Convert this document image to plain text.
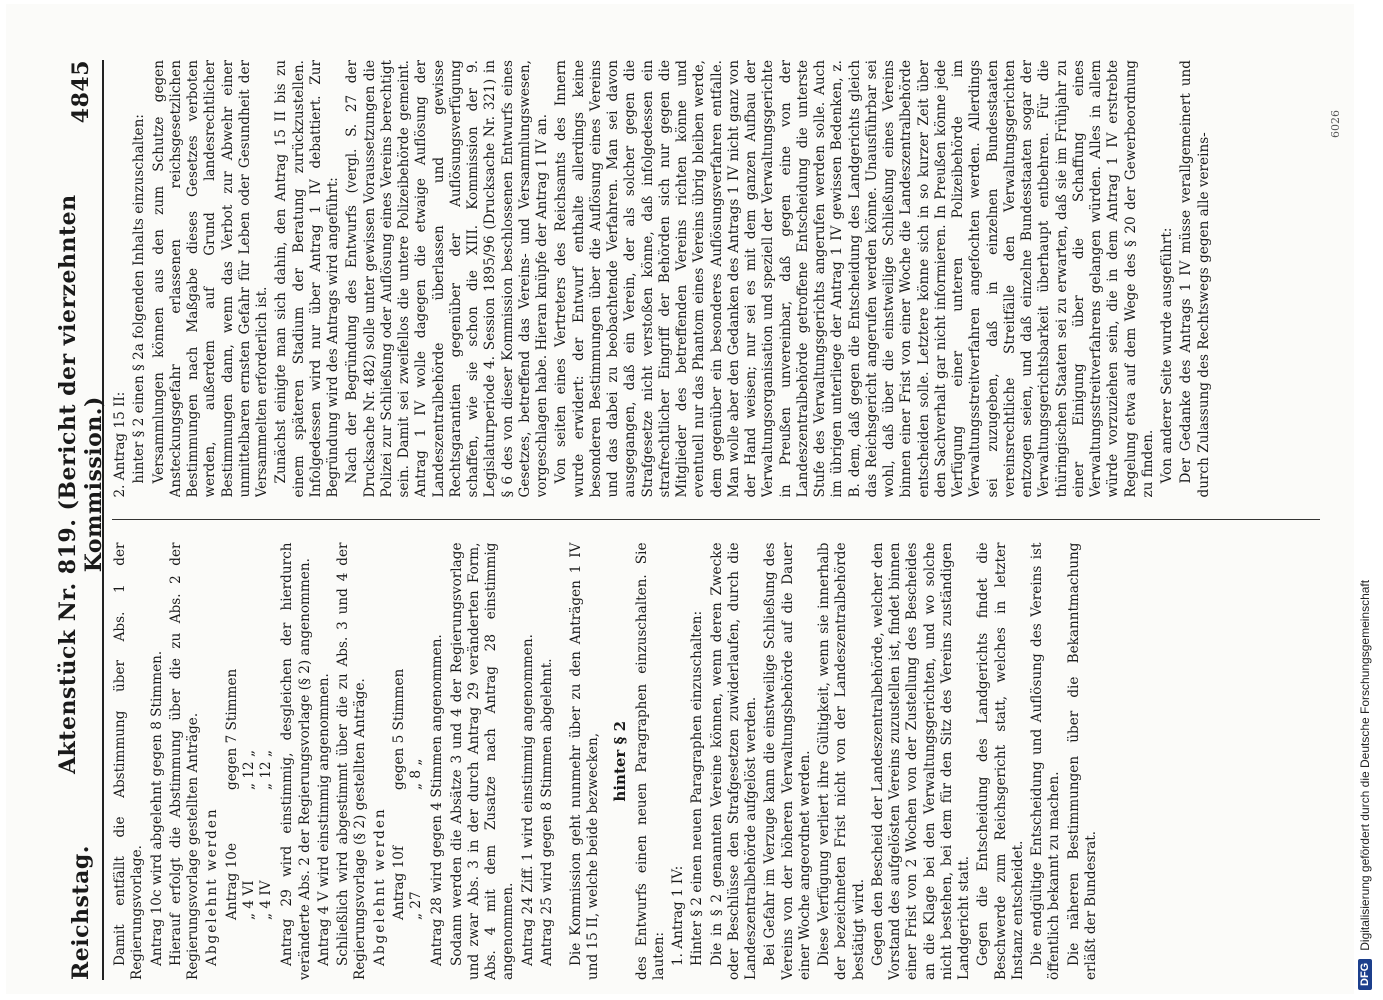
Reichstag.
Aktenstück Nr. 819. (Bericht der vierzehnten Kommission.)
4845

Damit entfällt die Abstimmung über Abs. 1 der Regierungsvorlage. Antrag 10c wird abgelehnt gegen 8 Stimmen. Hierauf erfolgt die Abstimmung über die zu Abs. 2 der Regierungsvorlage gestellten Anträge. Abgelehnt werden Antrag 10e
gegen 7 Stimmen
„ 4 VI
„ 12 „
„ 4 IV
„ 12 „ Antrag 29 wird einstimmig, desgleichen der hierdurch veränderte Abs. 2 der Regierungsvorlage (§ 2) angenommen. Antrag 4 V wird einstimmig angenommen. Schließlich wird abgestimmt über die zu Abs. 3 und 4 der Regierungsvorlage (§ 2) gestellten Anträge. Abgelehnt werden Antrag 10f
gegen 5 Stimmen
„ 27
„ 8 „ Antrag 28 wird gegen 4 Stimmen angenommen. Sodann werden die Absätze 3 und 4 der Regierungsvorlage und zwar Abs. 3 in der durch Antrag 29 veränderten Form, Abs. 4 mit dem Zusatze nach Antrag 28 einstimmig angenommen. Antrag 24 Ziff. 1 wird einstimmig angenommen. Antrag 25 wird gegen 8 Stimmen abgelehnt. Die Kommission geht nunmehr über zu den Anträgen 1 IV und 15 II, welche beide bezwecken, hinter § 2 des Entwurfs einen neuen Paragraphen einzuschalten. Sie lauten: 1. Antrag 1 IV: Hinter § 2 einen neuen Paragraphen einzuschalten: Die in § 2 genannten Vereine können, wenn deren Zwecke oder Beschlüsse den Strafgesetzen zuwiderlaufen, durch die Landeszentralbehörde aufgelöst werden. Bei Gefahr im Verzuge kann die einstweilige Schließung des Vereins von der höheren Verwaltungsbehörde auf die Dauer einer Woche angeordnet werden. Diese Verfügung verliert ihre Gültigkeit, wenn sie innerhalb der bezeichneten Frist nicht von der Landeszentralbehörde bestätigt wird. Gegen den Bescheid der Landeszentralbehörde, welcher den Vorstand des aufgelösten Vereins zuzustellen ist, findet binnen einer Frist von 2 Wochen von der Zustellung des Bescheides an die Klage bei den Verwaltungsgerichten, und wo solche nicht bestehen, bei dem für den Sitz des Vereins zuständigen Landgericht statt. Gegen die Entscheidung des Landgerichts findet die Beschwerde zum Reichsgericht statt, welches in letzter Instanz entscheidet. Die endgültige Entscheidung und Auflösung des Vereins ist öffentlich bekannt zu machen. Die näheren Bestimmungen über die Bekanntmachung erläßt der Bundesrat.

2. Antrag 15 II: hinter § 2 einen § 2a folgenden Inhalts einzuschalten: Versammlungen können aus den zum Schutze gegen Ansteckungsgefahr erlassenen reichsgesetzlichen Bestimmungen nach Maßgabe dieses Gesetzes verboten werden, außerdem auf Grund landesrechtlicher Bestimmungen dann, wenn das Verbot zur Abwehr einer unmittelbaren ernsten Gefahr für Leben oder Gesundheit der Versammelten erforderlich ist. Zunächst einigte man sich dahin, den Antrag 15 II bis zu einem späteren Stadium der Beratung zurückzustellen. Infolgedessen wird nur über Antrag 1 IV debattiert. Zur Begründung wird des Antrags wird angeführt: Nach der Begründung des Entwurfs (vergl. S. 27 der Drucksache Nr. 482) solle unter gewissen Voraussetzungen die Polizei zur Schließung oder Auflösung eines Vereins berechtigt sein. Damit sei zweifellos die untere Polizeibehörde gemeint. Antrag 1 IV wolle dagegen die etwaige Auflösung der Landeszentralbehörde überlassen und gewisse Rechtsgarantien gegenüber der Auflösungsverfügung schaffen, wie sie schon die XIII. Kommission der 9. Legislaturperiode 4. Session 1895/96 (Drucksache Nr. 321) in § 6 des von dieser Kommission beschlossenen Entwurfs eines Gesetzes, betreffend das Vereins- und Versammlungswesen, vorgeschlagen habe. Hieran knüpfe der Antrag 1 IV an. Von seiten eines Vertreters des Reichsamts des Innern wurde erwidert: der Entwurf enthalte allerdings keine besonderen Bestimmungen über die Auflösung eines Vereins und das dabei zu beobachtende Verfahren. Man sei davon ausgegangen, daß ein Verein, der als solcher gegen die Strafgesetze nicht verstoßen könne, daß infolgedessen ein strafrechtlicher Eingriff der Behörden sich nur gegen die Mitglieder des betreffenden Vereins richten könne und eventuell nur das Phantom eines Vereins übrig bleiben werde, dem gegenüber ein besonderes Auflösungsverfahren entfalle. Man wolle aber den Gedanken des Antrags 1 IV nicht ganz von der Hand weisen; nur sei es mit dem ganzen Aufbau der Verwaltungsorganisation und speziell der Verwaltungsgerichte in Preußen unvereinbar, daß gegen eine von der Landeszentralbehörde getroffene Entscheidung die unterste Stufe des Verwaltungsgerichts angerufen werden solle. Auch im übrigen unterliege der Antrag 1 IV gewissen Bedenken, z. B. dem, daß gegen die Entscheidung des Landgerichts gleich das Reichsgericht angerufen werden könne. Unausführbar sei wohl, daß über die einstweilige Schließung eines Vereins binnen einer Frist von einer Woche die Landeszentralbehörde entscheiden solle. Letztere könne sich in so kurzer Zeit über den Sachverhalt gar nicht informieren. In Preußen könne jede Verfügung einer unteren Polizeibehörde im Verwaltungsstreitverfahren angefochten werden. Allerdings sei zuzugeben, daß in einzelnen Bundesstaaten vereinsrechtliche Streitfälle den Verwaltungsgerichten entzogen seien, und daß einzelne Bundesstaaten sogar der Verwaltungsgerichtsbarkeit überhaupt entbehren. Für die thüringischen Staaten sei zu erwarten, daß sie im Frühjahr zu einer Einigung über die Schaffung eines Verwaltungsstreitverfahrens gelangen würden. Alles in allem würde vorzuziehen sein, die in dem Antrag 1 IV erstrebte Regelung etwa auf dem Wege des § 20 der Gewerbeordnung zu finden. Von anderer Seite wurde ausgeführt: Der Gedanke des Antrags 1 IV müsse verallgemeinert und durch Zulassung des Rechtswegs gegen alle vereins-

6026
DFG
Digitalisierung gefördert durch die Deutsche Forschungsgemeinschaft
